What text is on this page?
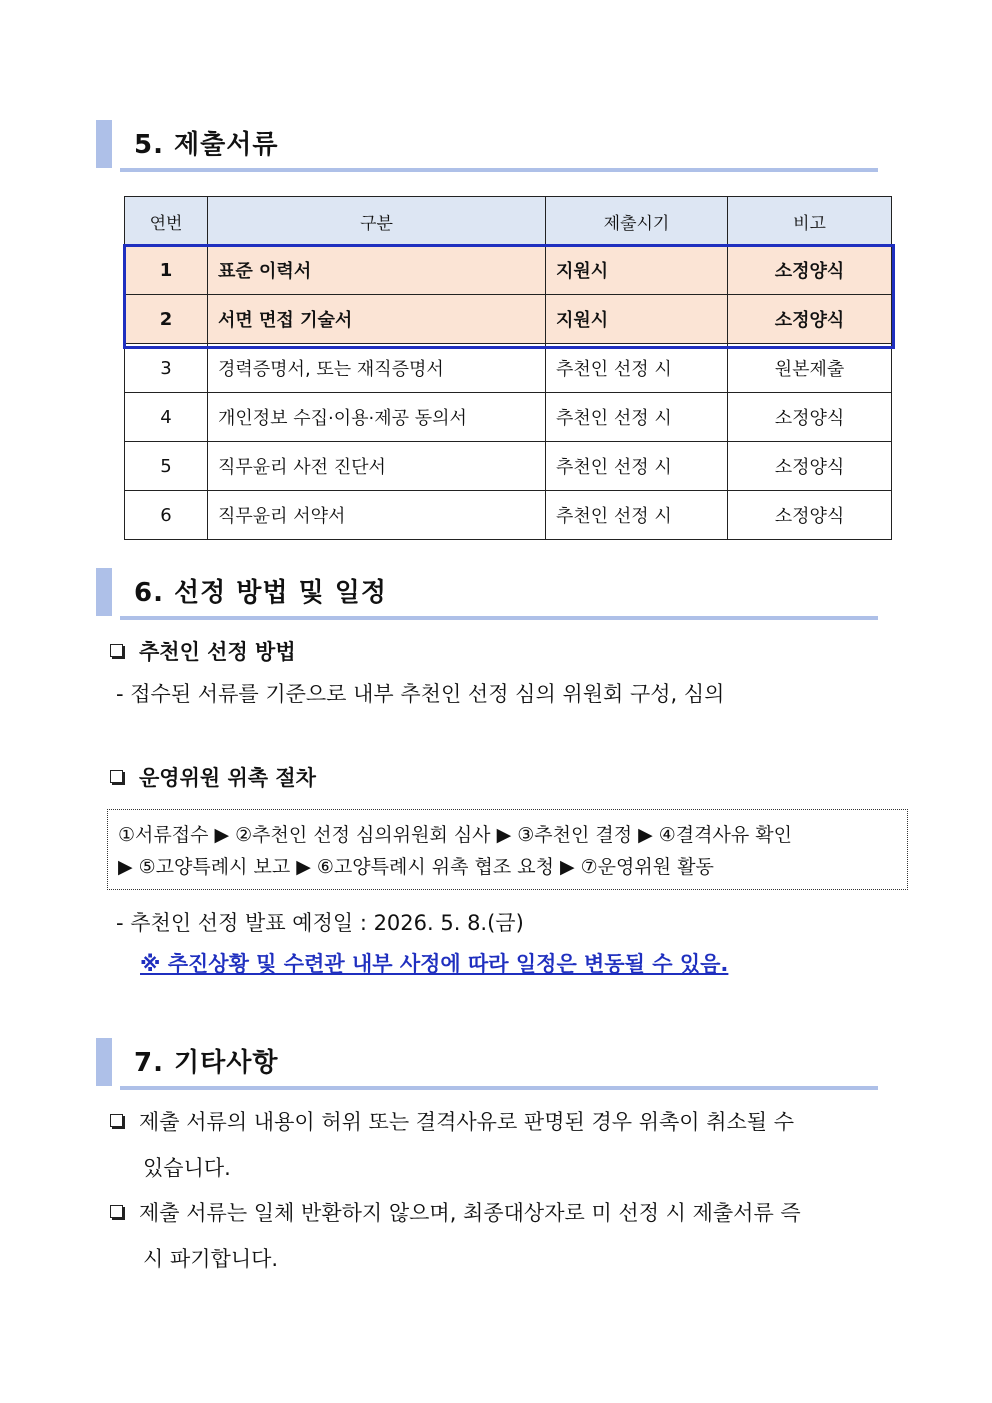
5. 제출서류
연번	구분	제출시기	비고
1	표준 이력서	지원시	소정양식
2	서면 면접 기술서	지원시	소정양식
3	경력증명서, 또는 재직증명서	추천인 선정 시	원본제출
4	개인정보 수집·이용·제공 동의서	추천인 선정 시	소정양식
5	직무윤리 사전 진단서	추천인 선정 시	소정양식
6	직무윤리 서약서	추천인 선정 시	소정양식
6. 선정 방법 및 일정
추천인 선정 방법
- 접수된 서류를 기준으로 내부 추천인 선정 심의 위원회 구성, 심의
운영위원 위촉 절차
①서류접수 ▶ ②추천인 선정 심의위원회 심사 ▶ ③추천인 결정 ▶ ④결격사유 확인
▶ ⑤고양특례시 보고 ▶ ⑥고양특례시 위촉 협조 요청 ▶ ⑦운영위원 활동
- 추천인 선정 발표 예정일 : 2026. 5. 8.(금)
※ 추진상황 및 수련관 내부 사정에 따라 일정은 변동될 수 있음.
7. 기타사항
제출 서류의 내용이 허위 또는 결격사유로 판명된 경우 위촉이 취소될 수
있습니다.
제출 서류는 일체 반환하지 않으며, 최종대상자로 미 선정 시 제출서류 즉
시 파기합니다.
